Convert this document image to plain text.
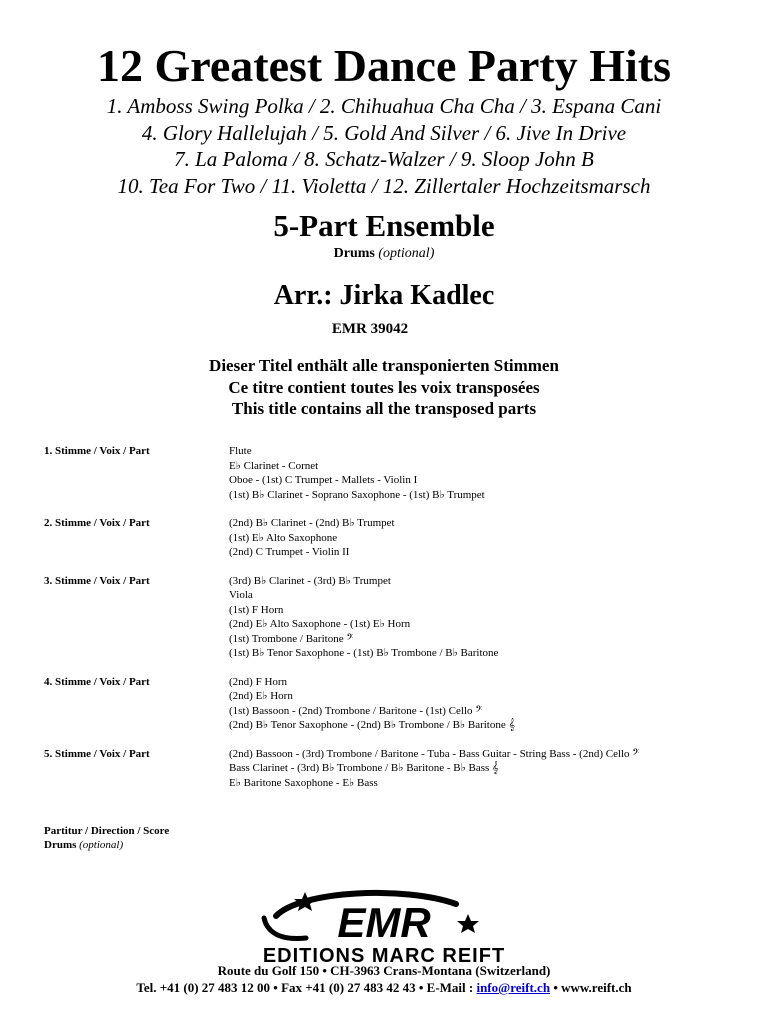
12 Greatest Dance Party Hits
1. Amboss Swing Polka / 2. Chihuahua Cha Cha / 3. Espana Cani
4. Glory Hallelujah / 5. Gold And Silver / 6. Jive In Drive
7. La Paloma / 8. Schatz-Walzer / 9. Sloop John B
10. Tea For Two / 11. Violetta / 12. Zillertaler Hochzeitsmarsch
5-Part Ensemble
Drums (optional)
Arr.: Jirka Kadlec
EMR 39042
Dieser Titel enthält alle transponierten Stimmen
Ce titre contient toutes les voix transposées
This title contains all the transposed parts
1. Stimme / Voix / Part	Flute
E♭ Clarinet - Cornet
Oboe - (1st) C Trumpet - Mallets - Violin I
(1st) B♭ Clarinet - Soprano Saxophone - (1st) B♭ Trumpet
2. Stimme / Voix / Part	(2nd) B♭ Clarinet - (2nd) B♭ Trumpet
(1st) E♭ Alto Saxophone
(2nd) C Trumpet - Violin II
3. Stimme / Voix / Part	(3rd) B♭ Clarinet - (3rd) B♭ Trumpet
Viola
(1st) F Horn
(2nd) E♭ Alto Saxophone - (1st) E♭ Horn
(1st) Trombone / Baritone 𝄢
(1st) B♭ Tenor Saxophone - (1st) B♭ Trombone / B♭ Baritone
4. Stimme / Voix / Part	(2nd) F Horn
(2nd) E♭ Horn
(1st) Bassoon - (2nd) Trombone / Baritone - (1st) Cello 𝄢
(2nd) B♭ Tenor Saxophone - (2nd) B♭ Trombone / B♭ Baritone 𝄞
5. Stimme / Voix / Part	(2nd) Bassoon - (3rd) Trombone / Baritone - Tuba - Bass Guitar - String Bass - (2nd) Cello 𝄢
Bass Clarinet - (3rd) B♭ Trombone / B♭ Baritone - B♭ Bass 𝄞
E♭ Baritone Saxophone - E♭ Bass
Partitur / Direction / Score
Drums (optional)
EMR
EDITIONS MARC REIFT
Route du Golf 150 • CH-3963 Crans-Montana (Switzerland)
Tel. +41 (0) 27 483 12 00 • Fax +41 (0) 27 483 42 43 • E-Mail : info@reift.ch • www.reift.ch
